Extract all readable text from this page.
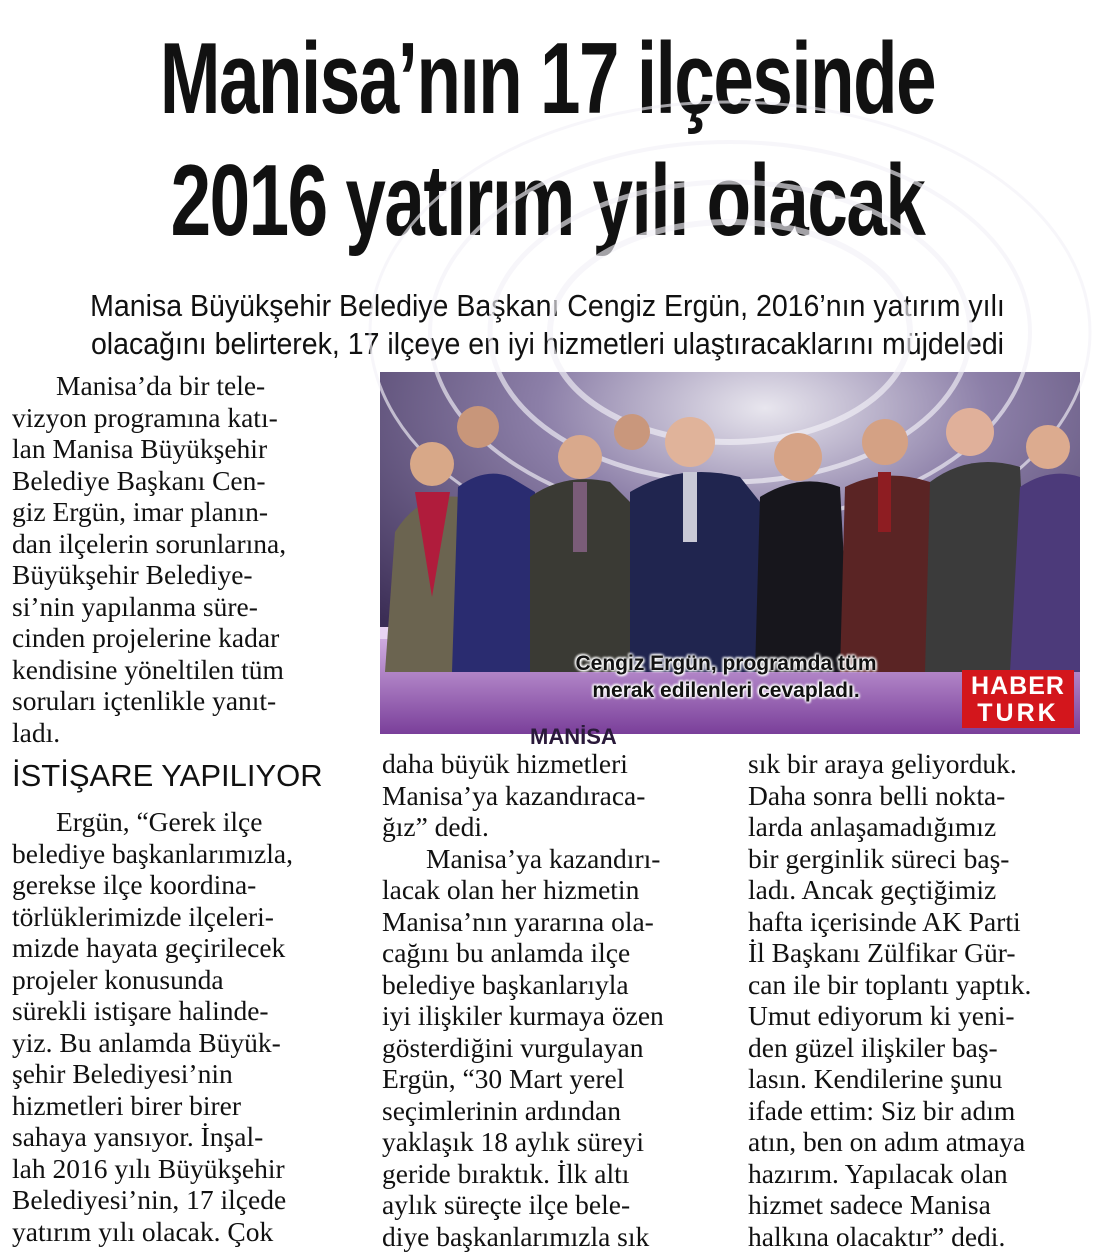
Manisa’nın 17 ilçesinde
2016 yatırım yılı olacak

Manisa Büyükşehir Belediye Başkanı Cengiz Ergün, 2016’nın yatırım yılı

olacağını belirterek, 17 ilçeye en iyi hizmetleri ulaştıracaklarını müjdeledi

Manisa’da bir tele-
vizyon programına katı-
lan Manisa Büyükşehir
Belediye Başkanı Cen-
giz Ergün, imar planın-
dan ilçelerin sorunlarına,
Büyükşehir Belediye-
si’nin yapılanma süre-
cinden projelerine kadar
kendisine yöneltilen tüm
soruları içtenlikle yanıt-
ladı.	MANİSA
Cengiz Ergün, programda tüm
merak edilenleri cevapladı.	HABER
TURK
İSTİŞARE YAPILIYOR
Ergün, “Gerek ilçe
belediye başkanlarımızla,
gerekse ilçe koordina-
törlüklerimizde ilçeleri-
mizde hayata geçirilecek
projeler konusunda
sürekli istişare halinde-
yiz. Bu anlamda Büyük-
şehir Belediyesi’nin
hizmetleri birer birer
sahaya yansıyor. İnşal-
lah 2016 yılı Büyükşehir
Belediyesi’nin, 17 ilçede
yatırım yılı olacak. Çok
daha büyük hizmetleri
Manisa’ya kazandıraca-
ğız” dedi.
Manisa’ya kazandırı-
lacak olan her hizmetin
Manisa’nın yararına ola-
cağını bu anlamda ilçe
belediye başkanlarıyla
iyi ilişkiler kurmaya özen
gösterdiğini vurgulayan
Ergün, “30 Mart yerel
seçimlerinin ardından
yaklaşık 18 aylık süreyi
geride bıraktık. İlk altı
aylık süreçte ilçe bele-
diye başkanlarımızla sık
sık bir araya geliyorduk.
Daha sonra belli nokta-
larda anlaşamadığımız
bir gerginlik süreci baş-
ladı. Ancak geçtiğimiz
hafta içerisinde AK Parti
İl Başkanı Zülfikar Gür-
can ile bir toplantı yaptık.
Umut ediyorum ki yeni-
den güzel ilişkiler baş-
lasın. Kendilerine şunu
ifade ettim: Siz bir adım
atın, ben on adım atmaya
hazırım. Yapılacak olan
hizmet sadece Manisa
halkına olacaktır” dedi.
